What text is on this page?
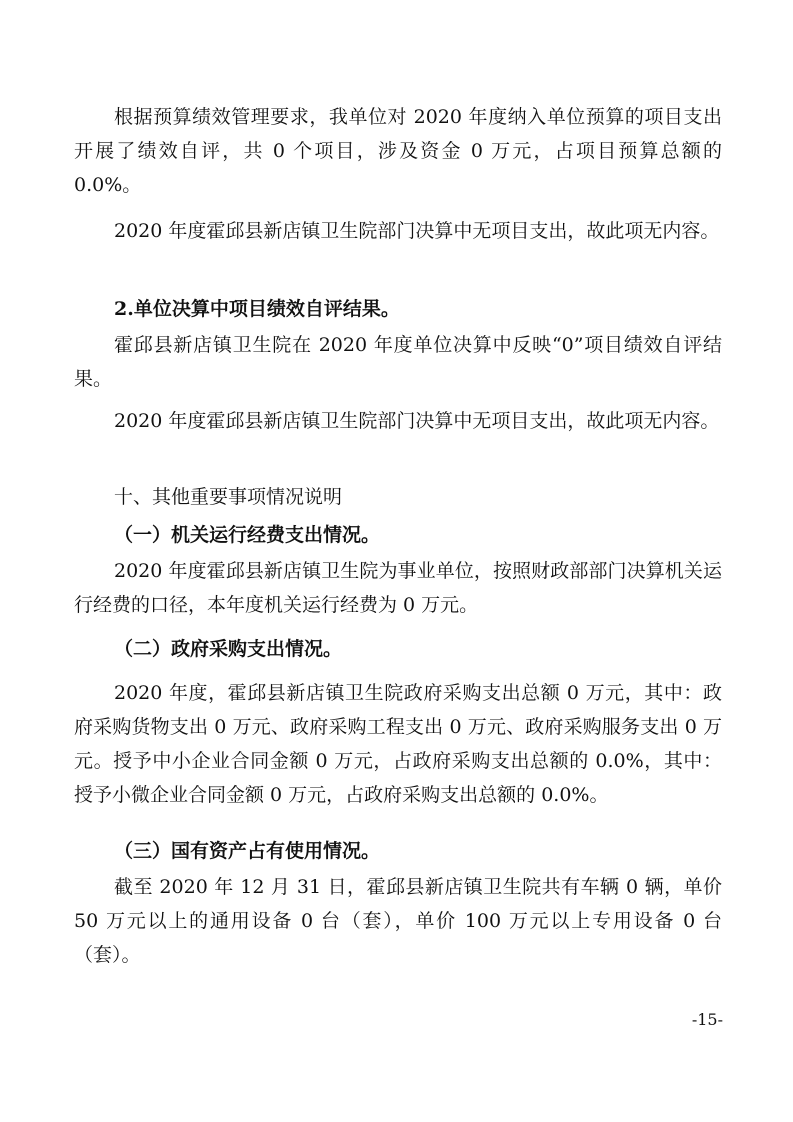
根据预算绩效管理要求，我单位对 2020 年度纳入单位预算的项目支出开展了绩效自评，共 0 个项目，涉及资金 0 万元，占项目预算总额的 0.0%。

2020 年度霍邱县新店镇卫生院部门决算中无项目支出，故此项无内容。

2.单位决算中项目绩效自评结果。

霍邱县新店镇卫生院在 2020 年度单位决算中反映“0”项目绩效自评结果。

2020 年度霍邱县新店镇卫生院部门决算中无项目支出，故此项无内容。

十、其他重要事项情况说明

（一）机关运行经费支出情况。

2020 年度霍邱县新店镇卫生院为事业单位，按照财政部部门决算机关运行经费的口径，本年度机关运行经费为 0 万元。

（二）政府采购支出情况。

2020 年度，霍邱县新店镇卫生院政府采购支出总额 0 万元，其中：政府采购货物支出 0 万元、政府采购工程支出 0 万元、政府采购服务支出 0 万元。授予中小企业合同金额 0 万元，占政府采购支出总额的 0.0%，其中：授予小微企业合同金额 0 万元，占政府采购支出总额的 0.0%。

（三）国有资产占有使用情况。

截至 2020 年 12 月 31 日，霍邱县新店镇卫生院共有车辆 0 辆，单价 50 万元以上的通用设备 0 台（套），单价 100 万元以上专用设备 0 台（套）。

-15-
